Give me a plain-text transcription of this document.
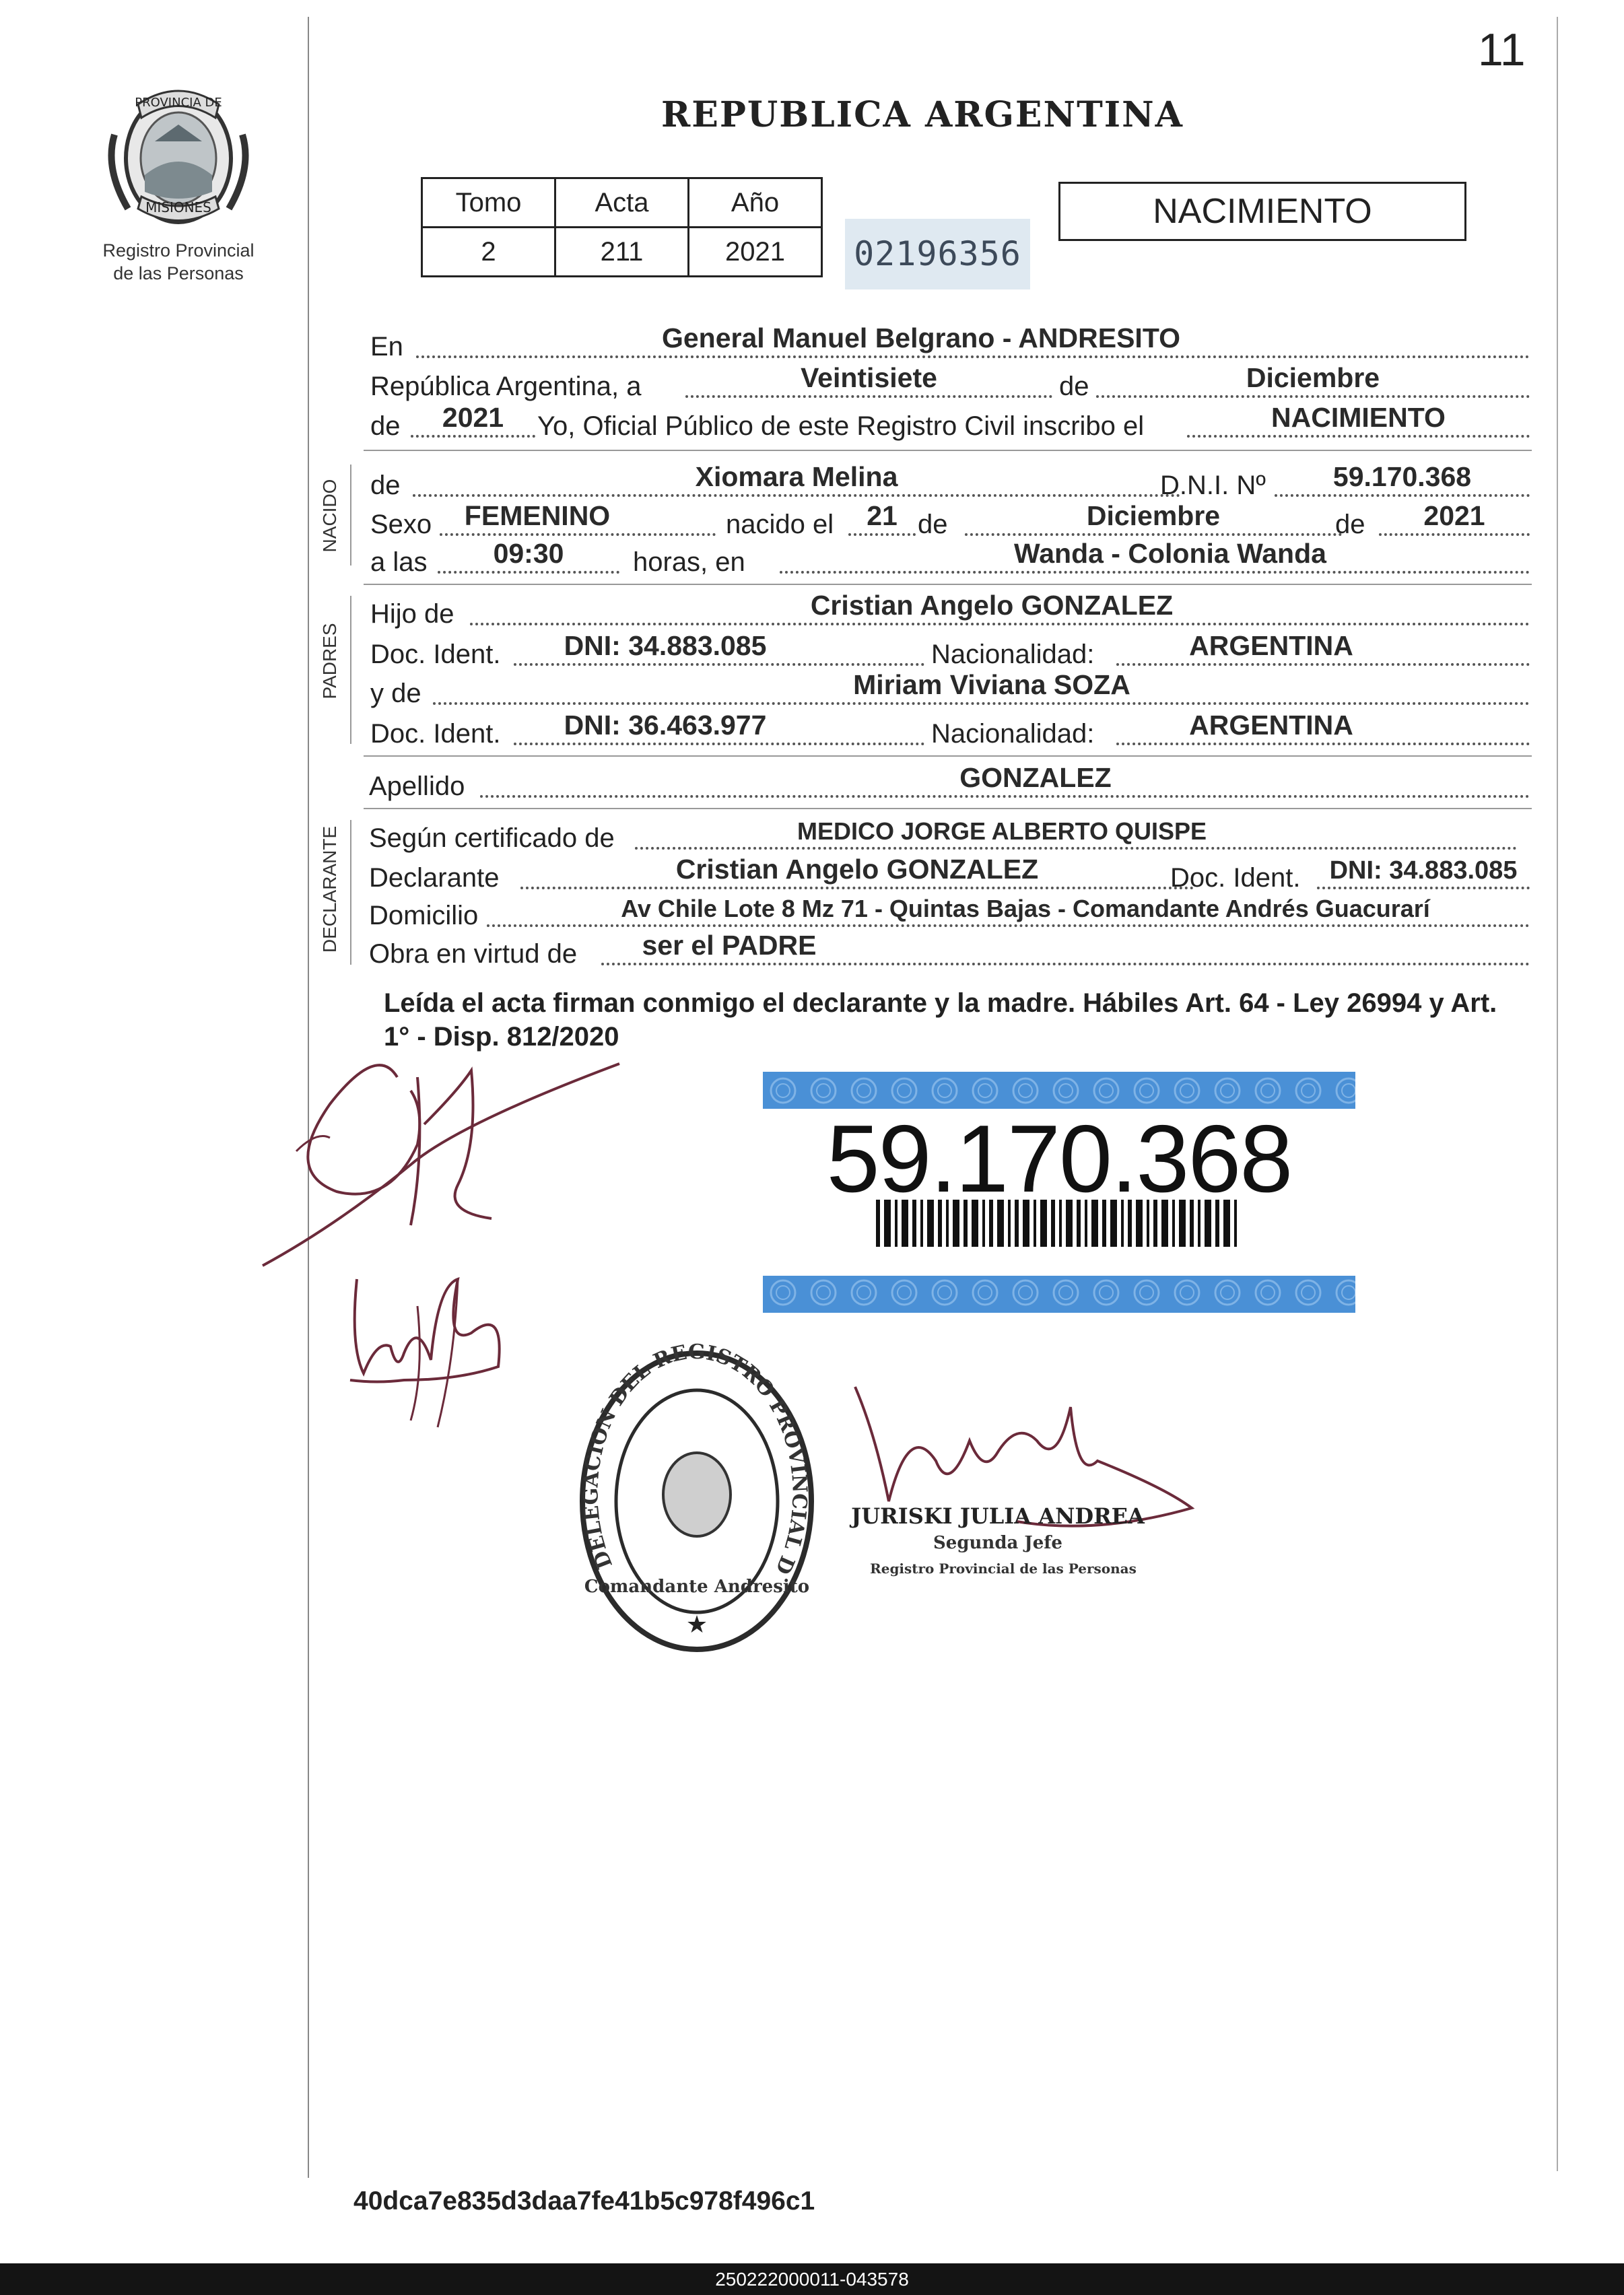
11
PROVINCIA DE
MISIONES
Registro Provincial
de las Personas
REPUBLICA ARGENTINA
Tomo	Acta	Año
2	211	2021 02196356
NACIMIENTO
En	General Manuel Belgrano - ANDRESITO
República Argentina, a	Veintisiete	de	Diciembre
de	2021	Yo, Oficial Público de este Registro Civil inscribo el	NACIMIENTO
NACIDO de	Xiomara Melina	D.N.I. Nº	59.170.368
Sexo	FEMENINO	nacido el	21 de	Diciembre	de	2021
a las	09:30	horas, en	Wanda - Colonia Wanda
PADRES
Hijo de	Cristian Angelo GONZALEZ
Doc. Ident.	DNI: 34.883.085	Nacionalidad:	ARGENTINA
y de	Miriam Viviana SOZA
Doc. Ident.	DNI: 36.463.977	Nacionalidad:	ARGENTINA
Apellido	GONZALEZ
DECLARANTE Según certificado de	MEDICO JORGE ALBERTO QUISPE
Declarante	Cristian Angelo GONZALEZ	Doc. Ident.	DNI: 34.883.085
Domicilio	Av Chile Lote 8 Mz 71 - Quintas Bajas - Comandante Andrés Guacurarí
Obra en virtud de	ser el PADRE
Leída el acta firman conmigo el declarante y la madre. Hábiles Art. 64 - Ley 26994 y Art. 1° - Disp. 812/2020
59.170.368
DELEGACION DEL REGISTRO PROVINCIAL D
Comandante Andresito
★
JURISKI JULIA ANDREA
Segunda Jefe
Registro Provincial de las Personas
40dca7e835d3daa7fe41b5c978f496c1
250222000011-043578
